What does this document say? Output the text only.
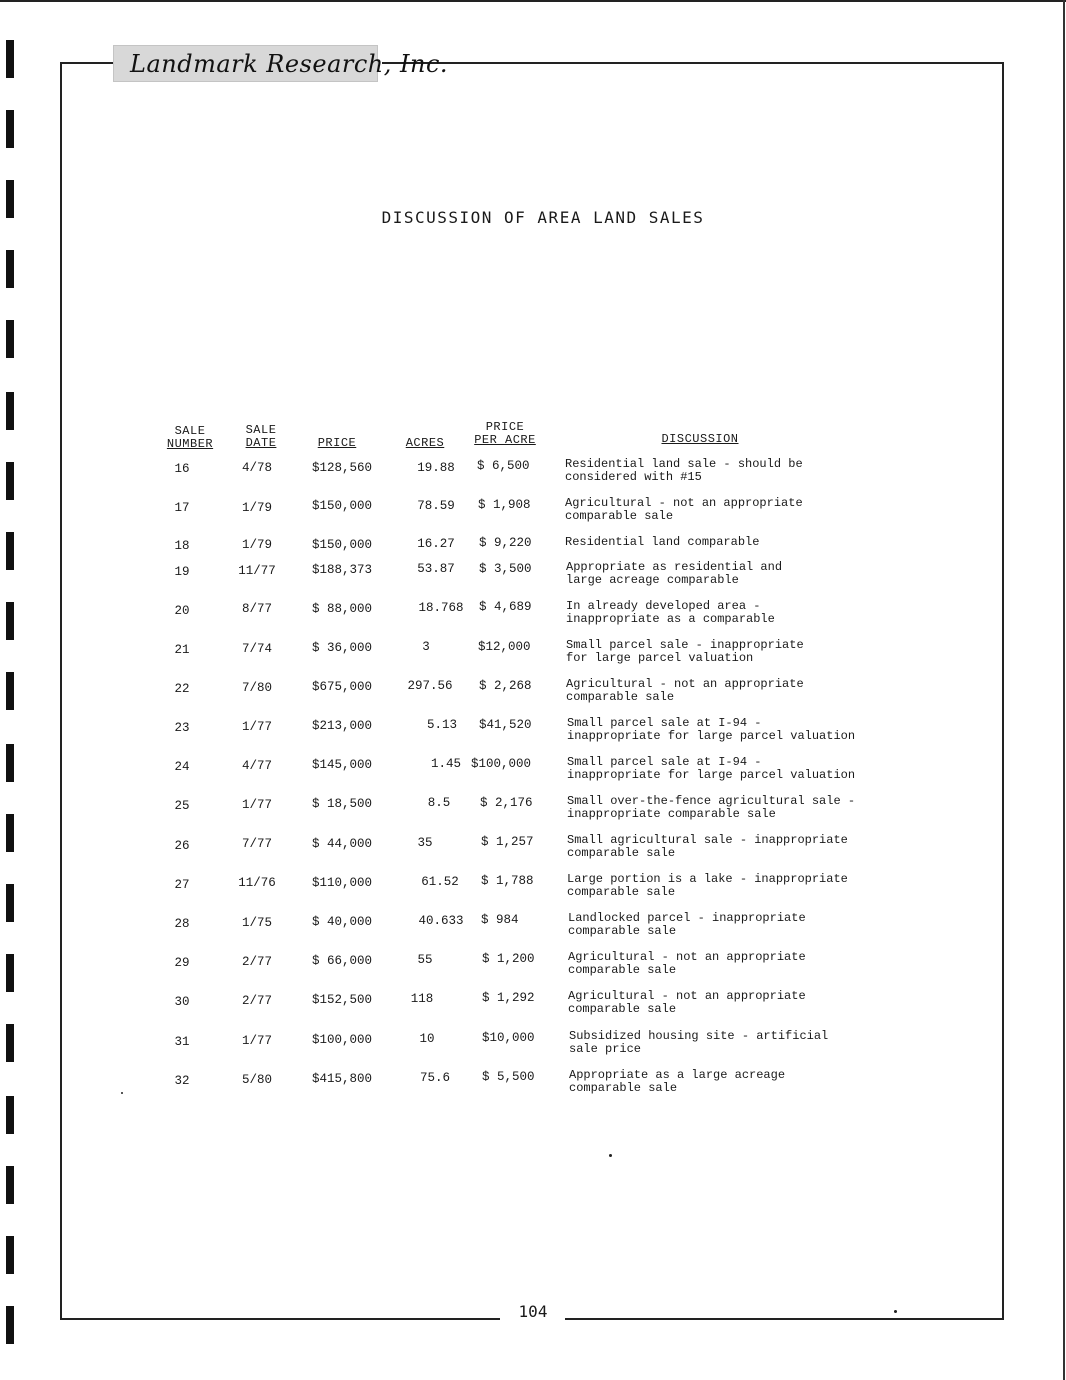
Landmark Research, Inc.
DISCUSSION OF AREA LAND SALES
SALE
NUMBER
SALE
DATE	PRICE	ACRES
PRICE
PER ACRE	DISCUSSION
16	4/78	$128,560	19.88	$ 6,500	Residential land sale - should be
considered with #15
17	1/79	$150,000	78.59	$ 1,908	Agricultural - not an appropriate
comparable sale
18	1/79	$150,000	16.27	$ 9,220	Residential land comparable
19	11/77	$188,373	53.87	$ 3,500	Appropriate as residential and
large acreage comparable
20	8/77	$ 88,000	18.768	$ 4,689	In already developed area -
inappropriate as a comparable
21	7/74	$ 36,000	3	$12,000	Small parcel sale - inappropriate
for large parcel valuation
22	7/80	$675,000	297.56	$ 2,268	Agricultural - not an appropriate
comparable sale
23	1/77	$213,000	5.13	$41,520	Small parcel sale at I-94 -
inappropriate for large parcel valuation
24	4/77	$145,000	1.45 $100,000	Small parcel sale at I-94 -
inappropriate for large parcel valuation
25	1/77	$ 18,500	8.5	$ 2,176	Small over-the-fence agricultural sale -
inappropriate comparable sale
26	7/77	$ 44,000	35	$ 1,257	Small agricultural sale - inappropriate
comparable sale
27	11/76	$110,000	61.52	$ 1,788	Large portion is a lake - inappropriate
comparable sale
28	1/75	$ 40,000	40.633	$ 984	Landlocked parcel - inappropriate
comparable sale
29	2/77	$ 66,000	55	$ 1,200	Agricultural - not an appropriate
comparable sale
30	2/77	$152,500	118	$ 1,292	Agricultural - not an appropriate
comparable sale
31	1/77	$100,000	10	$10,000	Subsidized housing site - artificial
sale price
32	5/80	$415,800	75.6	$ 5,500	Appropriate as a large acreage
comparable sale
104
